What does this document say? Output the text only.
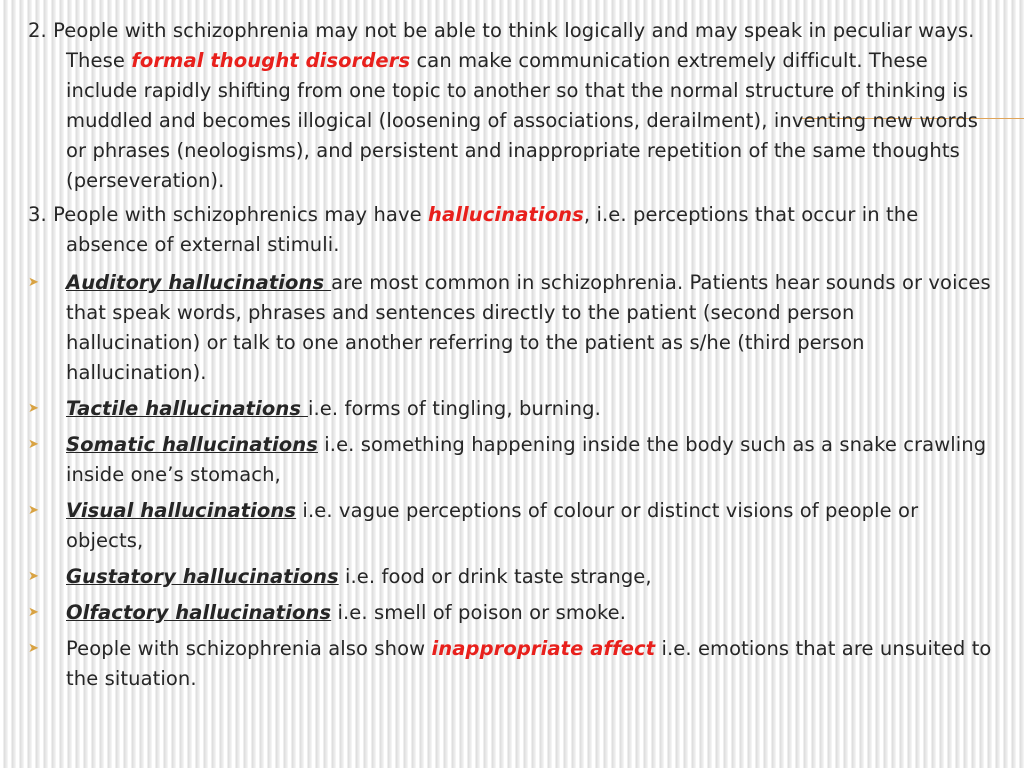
2. People with schizophrenia may not be able to think logically and may speak in peculiar ways. These formal thought disorders can make communication extremely difficult. These include rapidly shifting from one topic to another so that the normal structure of thinking is muddled and becomes illogical (loosening of associations, derailment), inventing new words or phrases (neologisms), and persistent and inappropriate repetition of the same thoughts (perseveration).

3. People with schizophrenics may have hallucinations, i.e. perceptions that occur in the absence of external stimuli.

➤	Auditory hallucinations are most common in schizophrenia. Patients hear sounds or voices that speak words, phrases and sentences directly to the patient (second person hallucination) or talk to one another referring to the patient as s/he (third person hallucination).

➤	Tactile hallucinations i.e. forms of tingling, burning.

➤	Somatic hallucinations i.e. something happening inside the body such as a snake crawling inside one’s stomach,

➤	Visual hallucinations i.e. vague perceptions of colour or distinct visions of people or objects,

➤	Gustatory hallucinations i.e. food or drink taste strange,

➤	Olfactory hallucinations i.e. smell of poison or smoke.

➤	People with schizophrenia also show inappropriate affect i.e. emotions that are unsuited to the situation.
